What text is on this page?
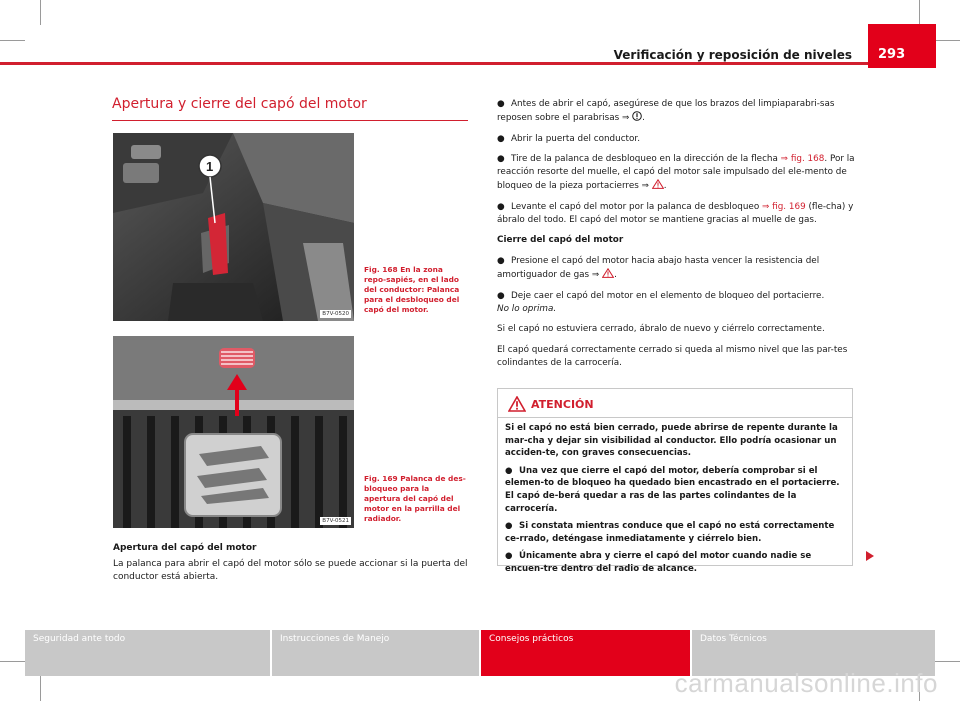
Verificación y reposición de niveles 293
Apertura y cierre del capó del motor
1
B7V-0520
Fig. 168 En la zona repo-sapiés, en el lado del conductor: Palanca para el desbloqueo del capó del motor.
B7V-0521
Fig. 169 Palanca de des-bloqueo para la apertura del capó del motor en la parrilla del radiador.
Apertura del capó del motor
La palanca para abrir el capó del motor sólo se puede accionar si la puerta del conductor está abierta.
● Antes de abrir el capó, asegúrese de que los brazos del limpiaparabri-sas reposen sobre el parabrisas ⇒ .
● Abrir la puerta del conductor.
● Tire de la palanca de desbloqueo en la dirección de la flecha ⇒ fig. 168. Por la reacción resorte del muelle, el capó del motor sale impulsado del ele-mento de bloqueo de la pieza portacierres ⇒ .
● Levante el capó del motor por la palanca de desbloqueo ⇒ fig. 169 (fle-cha) y ábralo del todo. El capó del motor se mantiene gracias al muelle de gas.
Cierre del capó del motor
● Presione el capó del motor hacia abajo hasta vencer la resistencia del amortiguador de gas ⇒ .
● Deje caer el capó del motor en el elemento de bloqueo del portacierre.
No lo oprima.
Si el capó no estuviera cerrado, ábralo de nuevo y ciérrelo correctamente.
El capó quedará correctamente cerrado si queda al mismo nivel que las par-tes colindantes de la carrocería.
ATENCIÓN

Si el capó no está bien cerrado, puede abrirse de repente durante la mar-cha y dejar sin visibilidad al conductor. Ello podría ocasionar un acciden-te, con graves consecuencias.

● Una vez que cierre el capó del motor, debería comprobar si el elemen-to de bloqueo ha quedado bien encastrado en el portacierre. El capó de-berá quedar a ras de las partes colindantes de la carrocería.

● Si constata mientras conduce que el capó no está correctamente ce-rrado, deténgase inmediatamente y ciérrelo bien.

● Únicamente abra y cierre el capó del motor cuando nadie se encuen-tre dentro del radio de alcance.

Seguridad ante todo	Instrucciones de Manejo	Consejos prácticos	Datos Técnicos
carmanualsonline.info
